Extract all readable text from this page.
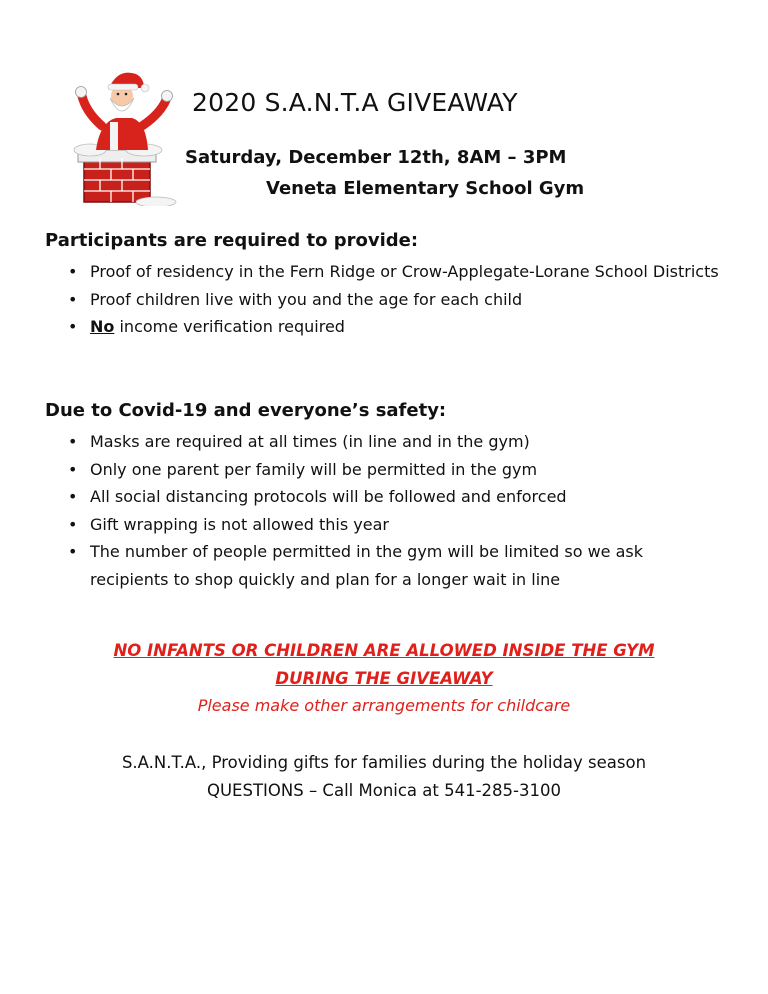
2020 S.A.N.T.A GIVEAWAY
Saturday, December 12th, 8AM – 3PM
Veneta Elementary School Gym
Participants are required to provide:
• Proof of residency in the Fern Ridge or Crow-Applegate-Lorane School Districts
• Proof children live with you and the age for each child
• No income verification required
Due to Covid-19 and everyone’s safety:
• Masks are required at all times (in line and in the gym)
• Only one parent per family will be permitted in the gym
• All social distancing protocols will be followed and enforced
• Gift wrapping is not allowed this year
• The number of people permitted in the gym will be limited so we ask recipients to shop quickly and plan for a longer wait in line
NO INFANTS OR CHILDREN ARE ALLOWED INSIDE THE GYM
DURING THE GIVEAWAY
Please make other arrangements for childcare
S.A.N.T.A., Providing gifts for families during the holiday season
QUESTIONS – Call Monica at 541-285-3100
